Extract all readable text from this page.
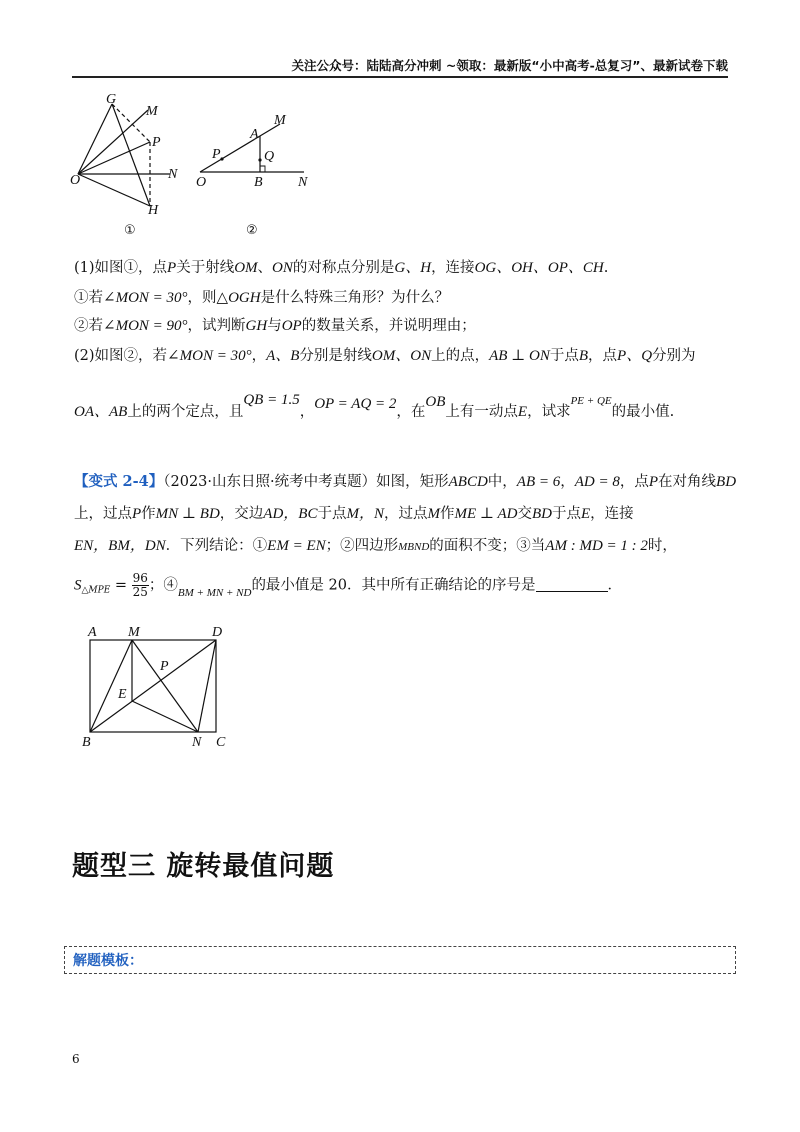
关注公众号：陆陆高分冲刺 ~领取：最新版“小中高考-总复习”、最新试卷下载
G
M
P
N
O
H
①
M
A
P	Q
O	B	N
②
(1)如图①，点P关于射线OM、ON的对称点分别是G、H，连接OG、OH、OP、CH.
①若∠MON = 30°，则△OGH是什么特殊三角形？为什么？
②若∠MON = 90°，试判断GH与OP的数量关系，并说明理由；
(2)如图②，若∠MON = 30°，A、B分别是射线OM、ON上的点，AB ⊥ ON于点B，点P、Q分别为
OA、AB上的两个定点，且QB = 1.5，OP = AQ = 2，在OB上有一动点E，试求$^{PE + QE}$的最小值.
【变式 2-4】（2023·山东日照·统考中考真题）如图，矩形ABCD中，AB = 6，AD = 8，点P在对角线BD
上，过点P作MN ⊥ BD，交边AD，BC于点M，N，过点M作ME ⊥ AD交BD于点E，连接
EN，BM，DN．下列结论：①EM = EN；②四边形MBND的面积不变；③当AM : MD = 1 : 2时，
$S_{\triangle MPE} = \frac{96}{25}$ ；$④_{BM + MN + ND}$的最小值是 20．其中所有正确结论的序号是	．
A M	D
P
E
B	N C
题型三 旋转最值问题
解题模板：
6
